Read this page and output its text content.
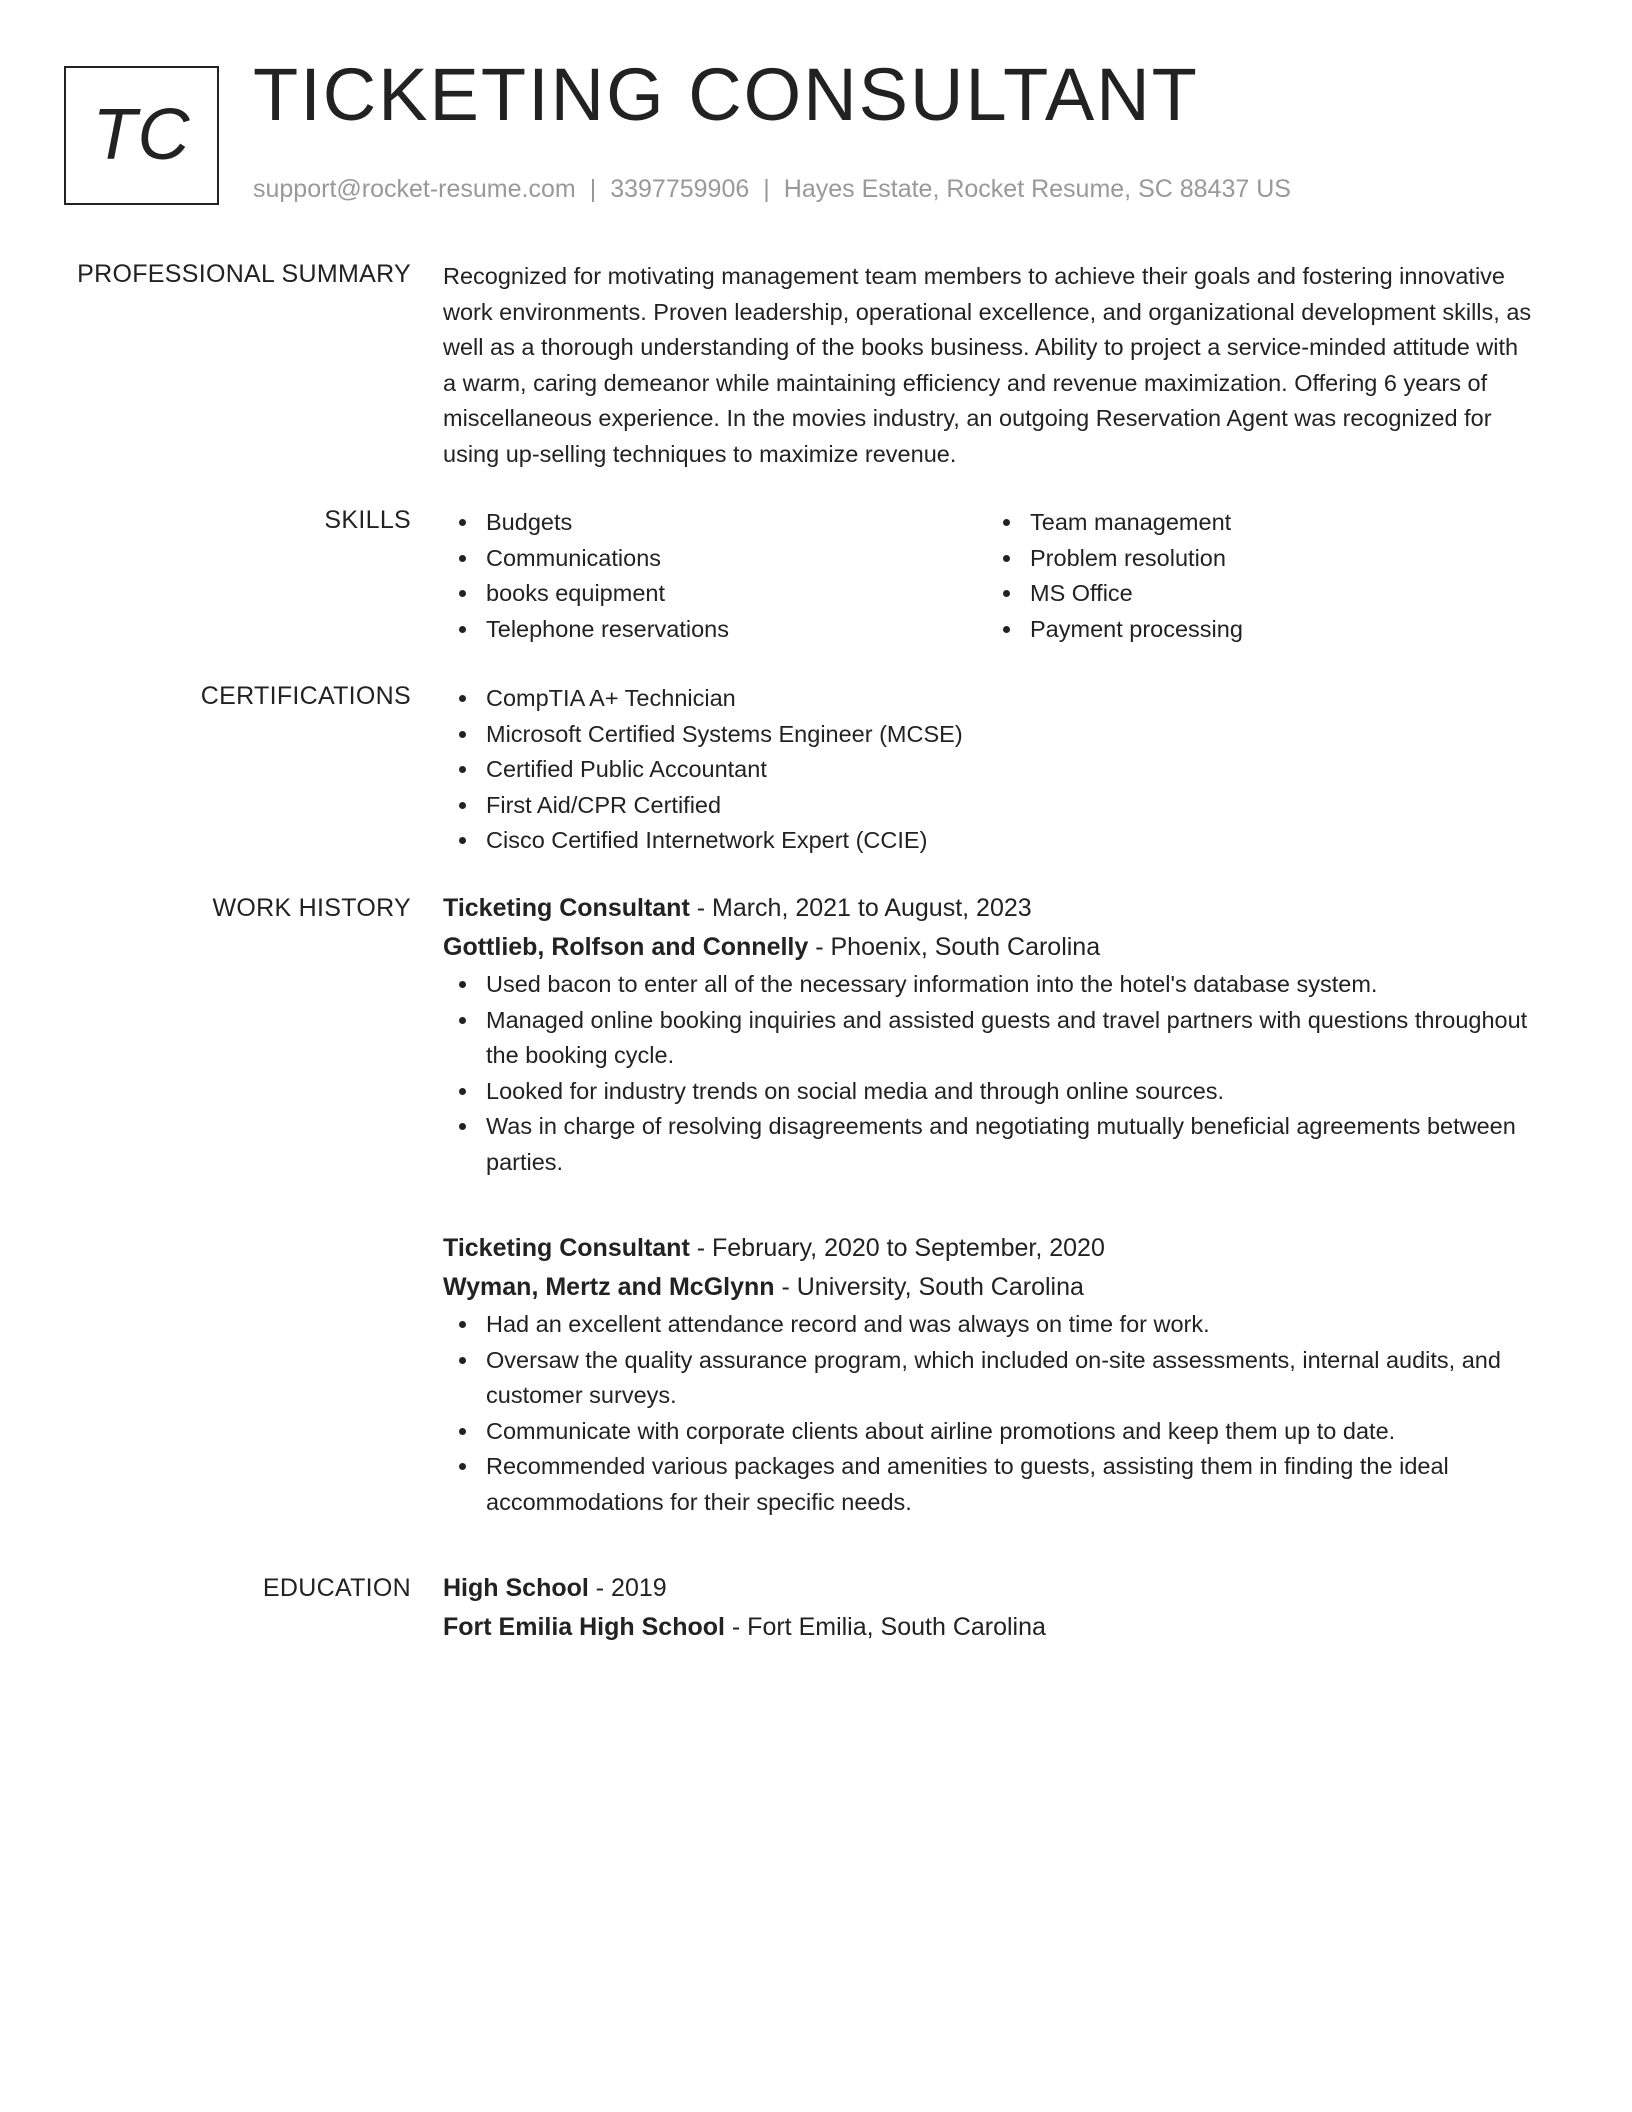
TC TICKETING CONSULTANT
support@rocket-resume.com | 3397759906 | Hayes Estate, Rocket Resume, SC 88437 US
PROFESSIONAL SUMMARY Recognized for motivating management team members to achieve their goals and fostering innovative work environments. Proven leadership, operational excellence, and organizational development skills, as well as a thorough understanding of the books business. Ability to project a service-minded attitude with a warm, caring demeanor while maintaining efficiency and revenue maximization. Offering 6 years of miscellaneous experience. In the movies industry, an outgoing Reservation Agent was recognized for using up-selling techniques to maximize revenue.

SKILLS	Budgets
Communications
books equipment
Telephone reservations
Team management
Problem resolution
MS Office
Payment processing
CERTIFICATIONS	CompTIA A+ Technician
Microsoft Certified Systems Engineer (MCSE)
Certified Public Accountant
First Aid/CPR Certified
Cisco Certified Internetwork Expert (CCIE)
WORK HISTORY Ticketing Consultant - March, 2021 to August, 2023
Gottlieb, Rolfson and Connelly - Phoenix, South Carolina
Used bacon to enter all of the necessary information into the hotel's database system.
Managed online booking inquiries and assisted guests and travel partners with questions throughout the booking cycle.
Looked for industry trends on social media and through online sources.
Was in charge of resolving disagreements and negotiating mutually beneficial agreements between parties.
Ticketing Consultant - February, 2020 to September, 2020
Wyman, Mertz and McGlynn - University, South Carolina
Had an excellent attendance record and was always on time for work.
Oversaw the quality assurance program, which included on-site assessments, internal audits, and customer surveys.
Communicate with corporate clients about airline promotions and keep them up to date.
Recommended various packages and amenities to guests, assisting them in finding the ideal accommodations for their specific needs.
EDUCATION High School - 2019
Fort Emilia High School - Fort Emilia, South Carolina
